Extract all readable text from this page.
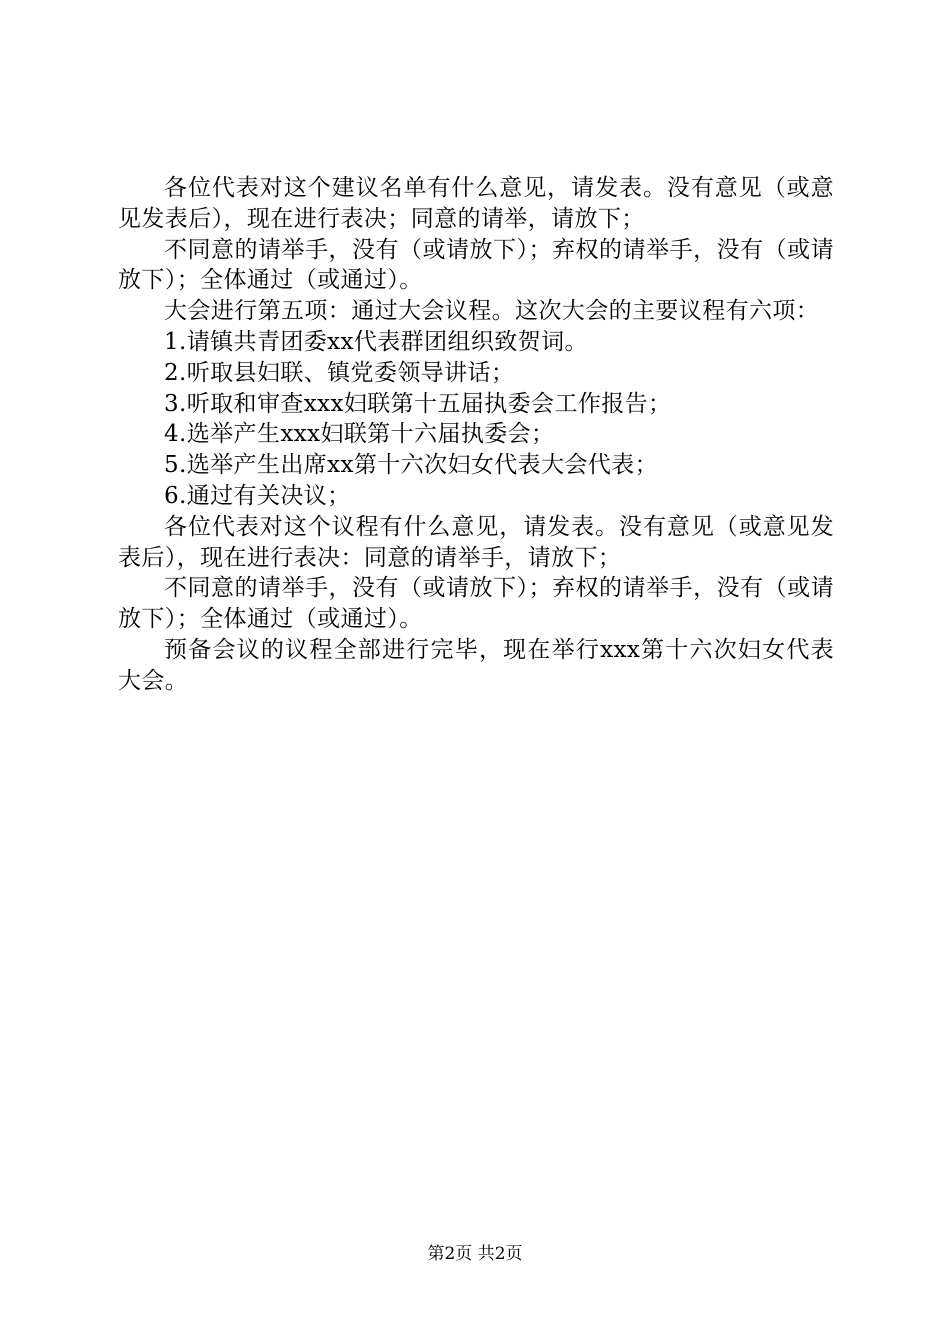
各位代表对这个建议名单有什么意见，请发表。没有意见（或意见发表后），现在进行表决；同意的请举，请放下；

不同意的请举手，没有（或请放下）；弃权的请举手，没有（或请放下）；全体通过（或通过）。

大会进行第五项：通过大会议程。这次大会的主要议程有六项：

1.请镇共青团委xx代表群团组织致贺词。

2.听取县妇联、镇党委领导讲话；

3.听取和审查xxx妇联第十五届执委会工作报告；

4.选举产生xxx妇联第十六届执委会；

5.选举产生出席xx第十六次妇女代表大会代表；

6.通过有关决议；

各位代表对这个议程有什么意见，请发表。没有意见（或意见发表后），现在进行表决：同意的请举手，请放下；

不同意的请举手，没有（或请放下）；弃权的请举手，没有（或请放下）；全体通过（或通过）。

预备会议的议程全部进行完毕，现在举行xxx第十六次妇女代表大会。

第2页 共2页
